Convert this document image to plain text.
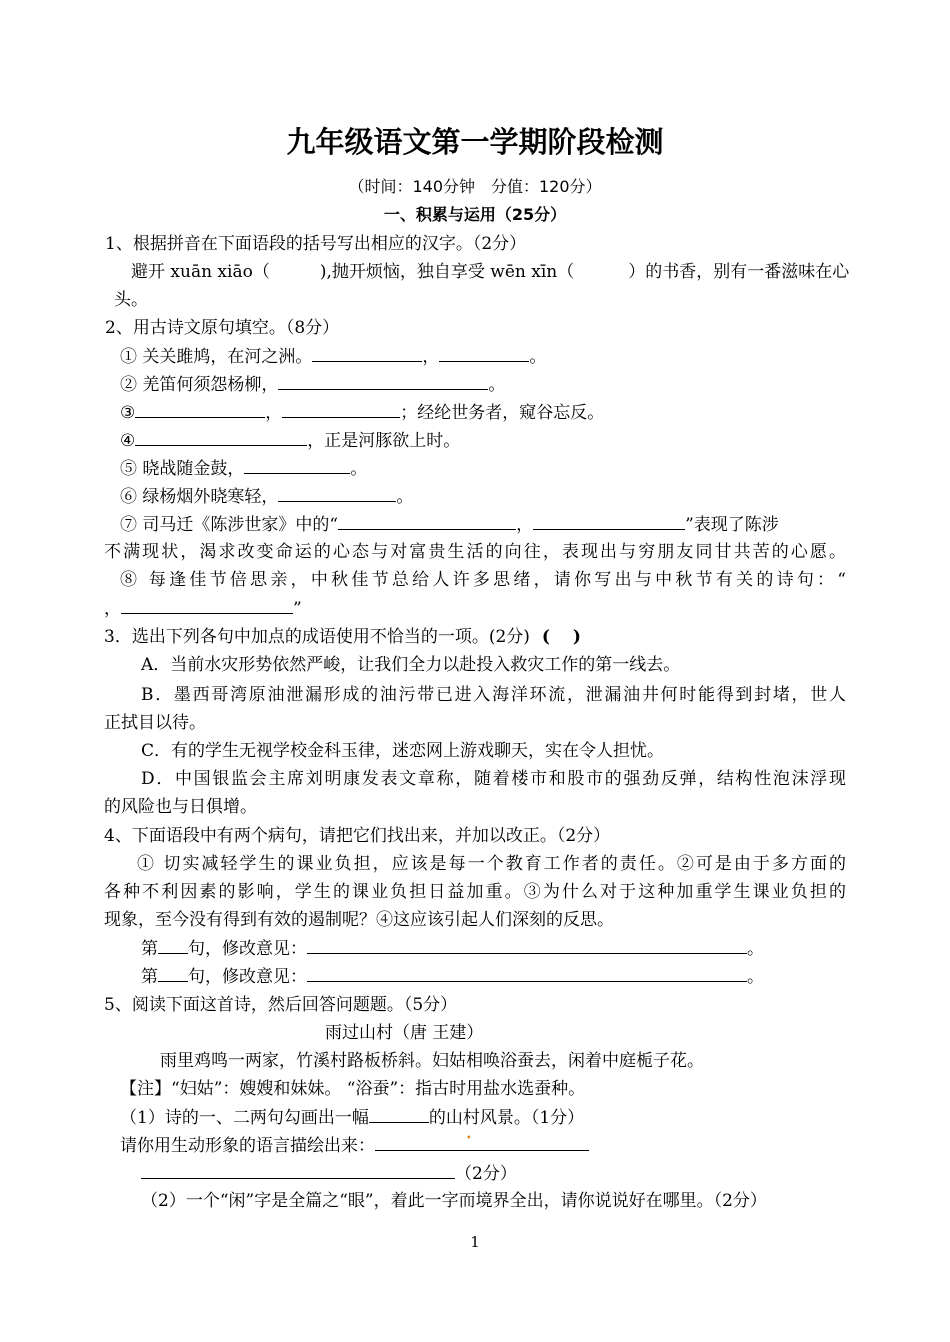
九年级语文第一学期阶段检测
（时间：140分钟　分值：120分）
一、积累与运用（25分）
1、根据拼音在下面语段的括号写出相应的汉字。（2分）
避开 xuān xiāo（	),抛开烦恼，独自享受 wēn xīn（	）的书香，别有一番滋味在心
头。
2、用古诗文原句填空。（8分）
① 关关雎鸠，在河之洲。	，	。
② 羌笛何须怨杨柳，	。
③	，	；经纶世务者，窥谷忘反。
④	，正是河豚欲上时。
⑤ 晓战随金鼓，	。
⑥ 绿杨烟外晓寒轻，	。
⑦ 司马迁《陈涉世家》中的“	，	”表现了陈涉
不满现状，渴求改变命运的心态与对富贵生活的向往，表现出与穷朋友同甘共苦的心愿。
⑧ 每逢佳节倍思亲，中秋佳节总给人许多思绪，请你写出与中秋节有关的诗句：“
，	”
3．选出下列各句中加点的成语使用不恰当的一项。(2分) (　 )
A．当前水灾形势依然严峻，让我们全力以赴投入救灾工作的第一线去。
B．墨西哥湾原油泄漏形成的油污带已进入海洋环流，泄漏油井何时能得到封堵，世人
正拭目以待。
C．有的学生无视学校金科玉律，迷恋网上游戏聊天，实在令人担忧。
D．中国银监会主席刘明康发表文章称，随着楼市和股市的强劲反弹，结构性泡沫浮现
的风险也与日俱增。
4、下面语段中有两个病句，请把它们找出来，并加以改正。（2分）
① 切实减轻学生的课业负担，应该是每一个教育工作者的责任。②可是由于多方面的
各种不利因素的影响，学生的课业负担日益加重。③为什么对于这种加重学生课业负担的
现象，至今没有得到有效的遏制呢？④这应该引起人们深刻的反思。
第 句，修改意见：	。
第 句，修改意见：	。
5、阅读下面这首诗，然后回答问题题。（5分）
雨过山村（唐 王建）
雨里鸡鸣一两家，竹溪村路板桥斜。妇姑相唤浴蚕去，闲着中庭栀子花。
【注】“妇姑”：嫂嫂和妹妹。 “浴蚕”：指古时用盐水选蚕种。
（1）诗的一、二两句勾画出一幅	的山村
•
风景。（1分）
请你用生动形象的语言描绘出来：
（2分）
（2）一个“闲”字是全篇之“眼”，着此一字而境界全出，请你说说好在哪里。（2分）
1
